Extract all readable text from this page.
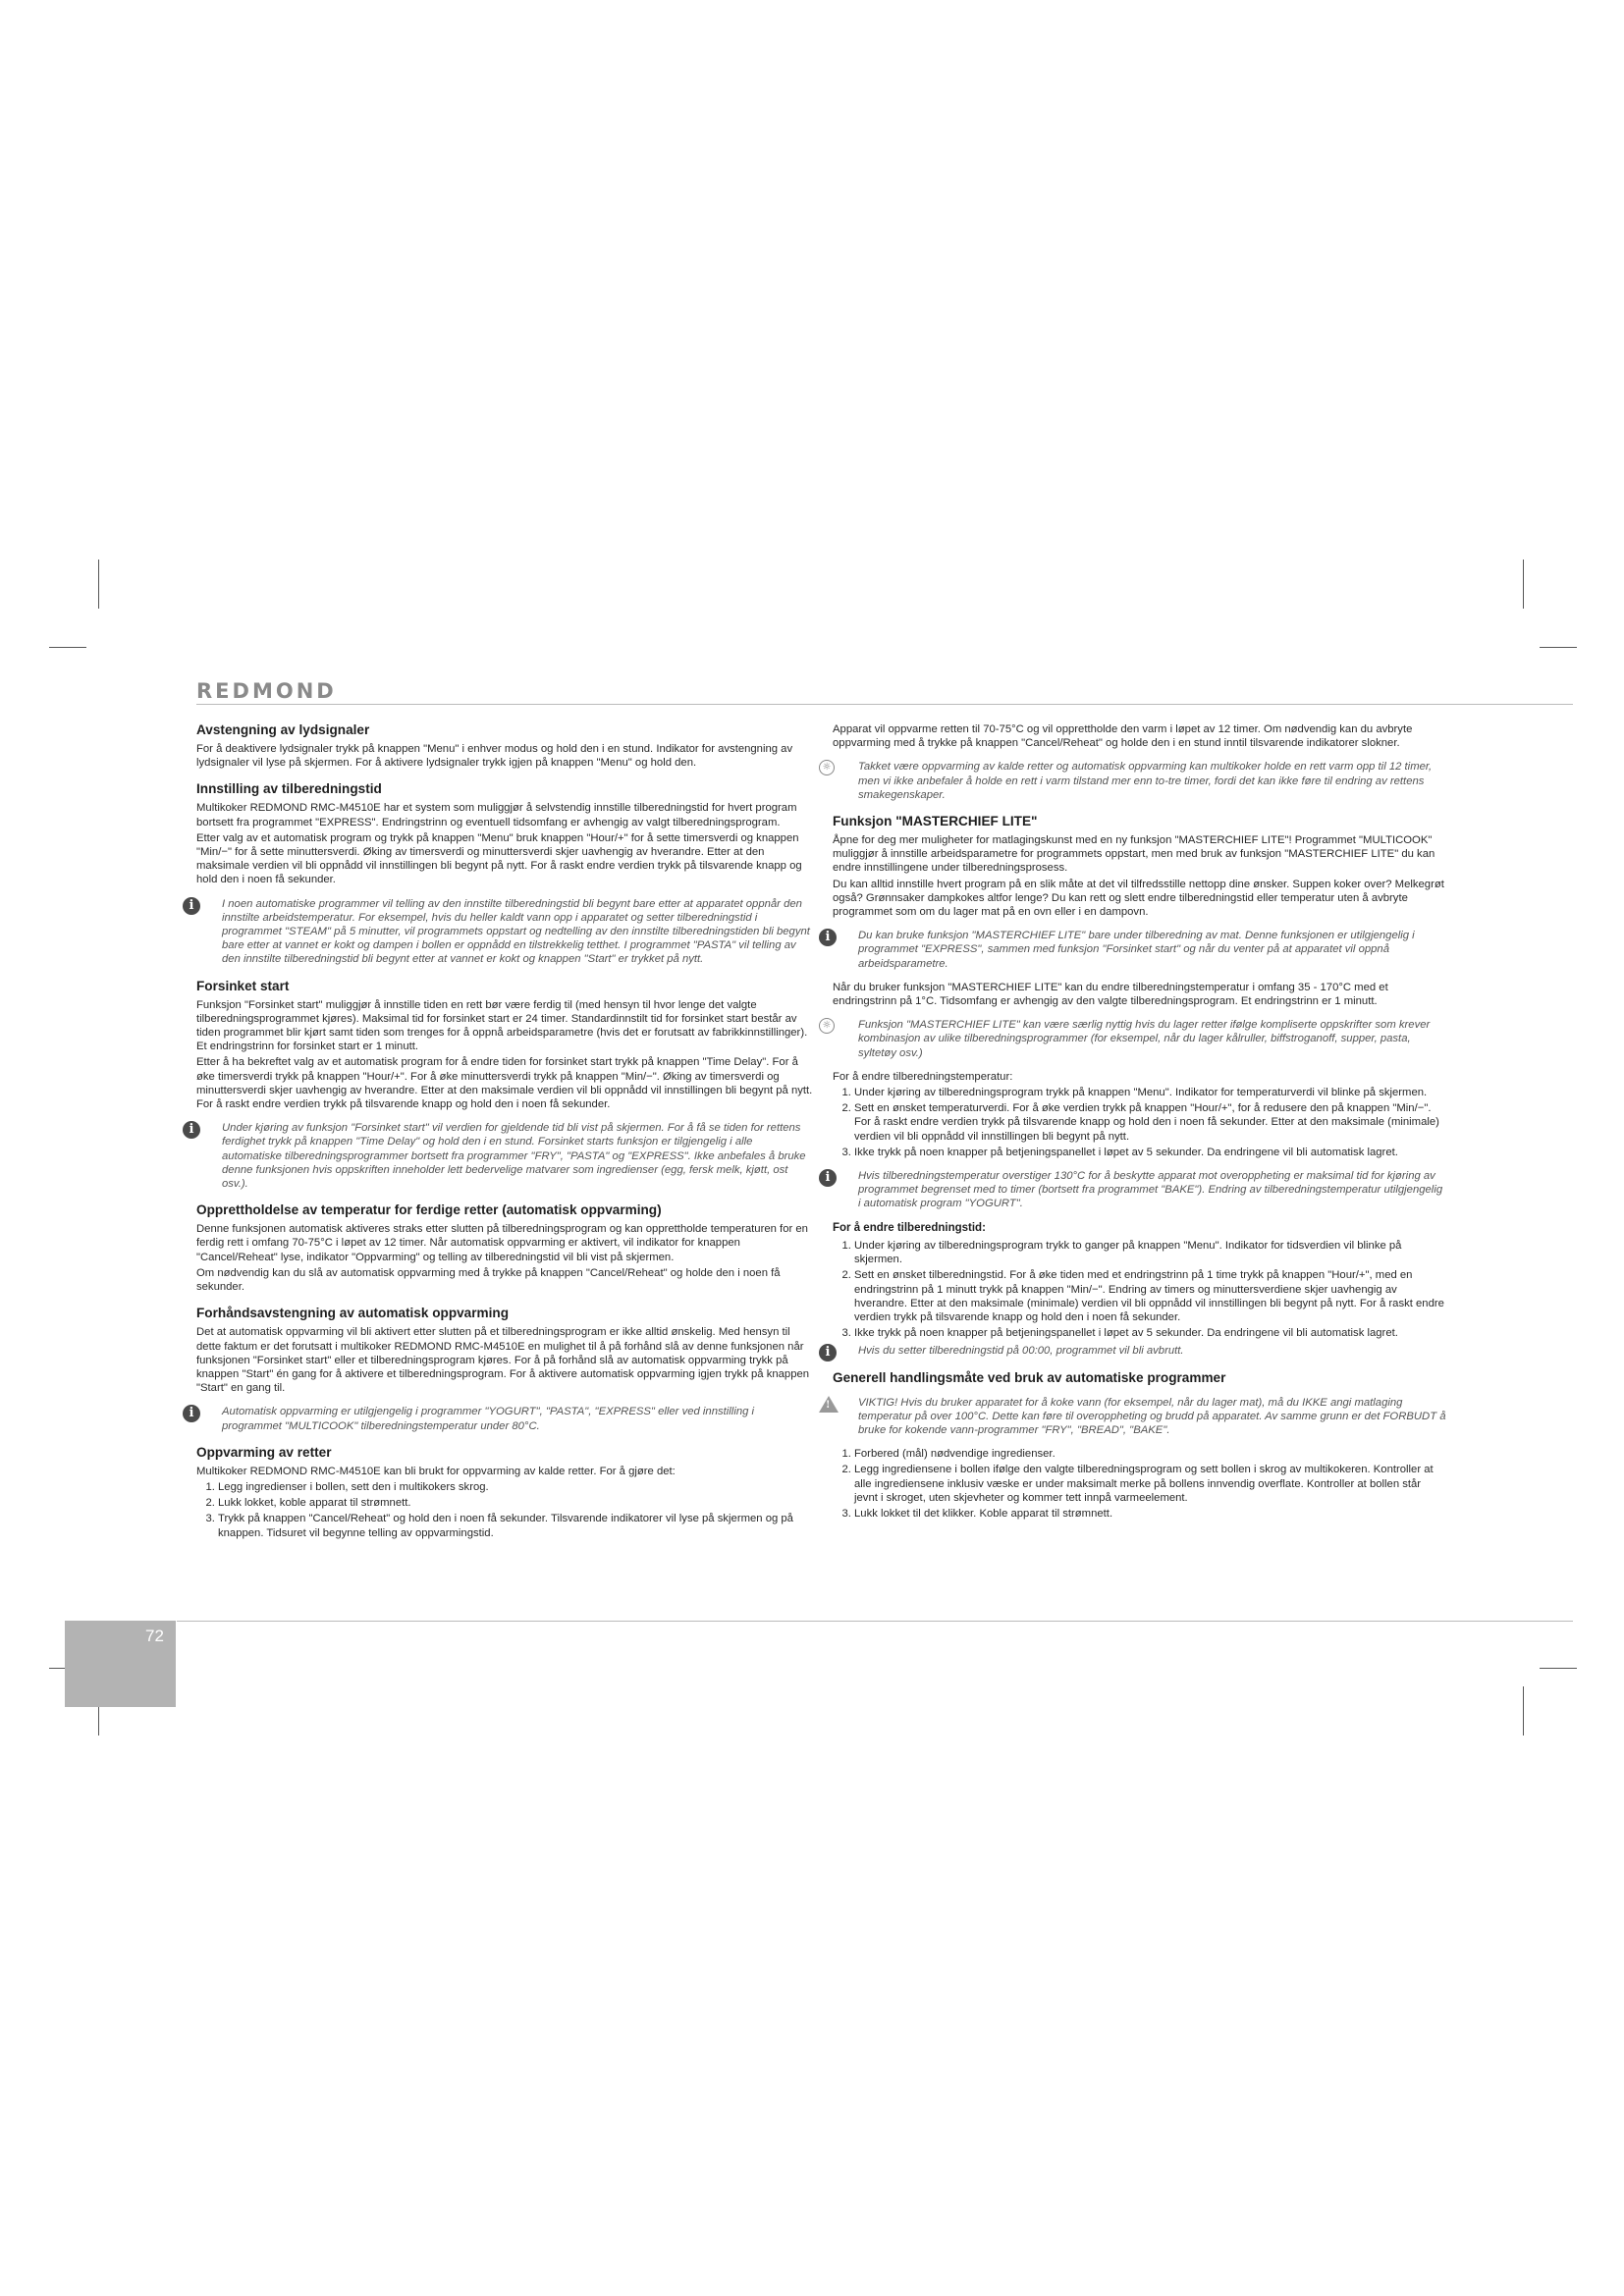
REDMOND
Avstengning av lydsignaler

For å deaktivere lydsignaler trykk på knappen "Menu" i enhver modus og hold den i en stund. Indikator for avstengning av lydsignaler vil lyse på skjermen. For å aktivere lydsignaler trykk igjen på knappen "Menu" og hold den.

Innstilling av tilberedningstid

Multikoker REDMOND RMC-M4510E har et system som muliggjør å selvstendig innstille tilberedningstid for hvert program bortsett fra programmet "EXPRESS". Endringstrinn og eventuell tidsomfang er avhengig av valgt tilberedningsprogram.

Etter valg av et automatisk program og trykk på knappen "Menu" bruk knappen "Hour/+" for å sette timersverdi og knappen "Min/−" for å sette minuttersverdi. Øking av timersverdi og minuttersverdi skjer uavhengig av hverandre. Etter at den maksimale verdien vil bli oppnådd vil innstillingen bli begynt på nytt. For å raskt endre verdien trykk på tilsvarende knapp og hold den i noen få sekunder.

i	I noen automatiske programmer vil telling av den innstilte tilberedningstid bli begynt bare etter at apparatet oppnår den innstilte arbeidstemperatur. For eksempel, hvis du heller kaldt vann opp i apparatet og setter tilberedningstid i programmet "STEAM" på 5 minutter, vil programmets oppstart og nedtelling av den innstilte tilberedningstiden bli begynt bare etter at vannet er kokt og dampen i bollen er oppnådd en tilstrekkelig tetthet. I programmet "PASTA" vil telling av den innstilte tilberedningstid bli begynt etter at vannet er kokt og knappen "Start" er trykket på nytt.
Forsinket start

Funksjon "Forsinket start" muliggjør å innstille tiden en rett bør være ferdig til (med hensyn til hvor lenge det valgte tilberedningsprogrammet kjøres). Maksimal tid for forsinket start er 24 timer. Standardinnstilt tid for forsinket start består av tiden programmet blir kjørt samt tiden som trenges for å oppnå arbeidsparametre (hvis det er forutsatt av fabrikkinnstillinger). Et endringstrinn for forsinket start er 1 minutt.

Etter å ha bekreftet valg av et automatisk program for å endre tiden for forsinket start trykk på knappen "Time Delay". For å øke timersverdi trykk på knappen "Hour/+". For å øke minuttersverdi trykk på knappen "Min/−". Øking av timersverdi og minuttersverdi skjer uavhengig av hverandre. Etter at den maksimale verdien vil bli oppnådd vil innstillingen bli begynt på nytt. For å raskt endre verdien trykk på tilsvarende knapp og hold den i noen få sekunder.

i	Under kjøring av funksjon "Forsinket start" vil verdien for gjeldende tid bli vist på skjermen. For å få se tiden for rettens ferdighet trykk på knappen "Time Delay" og hold den i en stund. Forsinket starts funksjon er tilgjengelig i alle automatiske tilberedningsprogrammer bortsett fra programmer "FRY", "PASTA" og "EXPRESS". Ikke anbefales å bruke denne funksjonen hvis oppskriften inneholder lett bedervelige matvarer som ingredienser (egg, fersk melk, kjøtt, ost osv.).
Opprettholdelse av temperatur for ferdige retter (automatisk oppvarming)

Denne funksjonen automatisk aktiveres straks etter slutten på tilberedningsprogram og kan opprettholde temperaturen for en ferdig rett i omfang 70-75°C i løpet av 12 timer. Når automatisk oppvarming er aktivert, vil indikator for knappen "Cancel/Reheat" lyse, indikator "Oppvarming" og telling av tilberedningstid vil bli vist på skjermen.

Om nødvendig kan du slå av automatisk oppvarming med å trykke på knappen "Cancel/Reheat" og holde den i noen få sekunder.

Forhåndsavstengning av automatisk oppvarming

Det at automatisk oppvarming vil bli aktivert etter slutten på et tilberedningsprogram er ikke alltid ønskelig. Med hensyn til dette faktum er det forutsatt i multikoker REDMOND RMC-M4510E en mulighet til å på forhånd slå av denne funksjonen når funksjonen "Forsinket start" eller et tilberedningsprogram kjøres. For å på forhånd slå av automatisk oppvarming trykk på knappen "Start" én gang for å aktivere et tilberedningsprogram. For å aktivere automatisk oppvarming igjen trykk på knappen "Start" en gang til.

i	Automatisk oppvarming er utilgjengelig i programmer "YOGURT", "PASTA", "EXPRESS" eller ved innstilling i programmet "MULTICOOK" tilberedningstemperatur under 80°C.
Oppvarming av retter

Multikoker REDMOND RMC-M4510E kan bli brukt for oppvarming av kalde retter. For å gjøre det:

1. Legg ingredienser i bollen, sett den i multikokers skrog.
2. Lukk lokket, koble apparat til strømnett.
3. Trykk på knappen "Cancel/Reheat" og hold den i noen få sekunder. Tilsvarende indikatorer vil lyse på skjermen og på knappen. Tidsuret vil begynne telling av oppvarmingstid.

Apparat vil oppvarme retten til 70-75°C og vil opprettholde den varm i løpet av 12 timer. Om nødvendig kan du avbryte oppvarming med å trykke på knappen "Cancel/Reheat" og holde den i en stund inntil tilsvarende indikatorer slokner.

☼	Takket være oppvarming av kalde retter og automatisk oppvarming kan multikoker holde en rett varm opp til 12 timer, men vi ikke anbefaler å holde en rett i varm tilstand mer enn to-tre timer, fordi det kan ikke føre til endring av rettens smakegenskaper.
Funksjon "MASTERCHIEF LITE"

Åpne for deg mer muligheter for matlagingskunst med en ny funksjon "MASTERCHIEF LITE"! Programmet "MULTICOOK" muliggjør å innstille arbeidsparametre for programmets oppstart, men med bruk av funksjon "MASTERCHIEF LITE" du kan endre innstillingene under tilberedningsprosess.

Du kan alltid innstille hvert program på en slik måte at det vil tilfredsstille nettopp dine ønsker. Suppen koker over? Melkegrøt også? Grønnsaker dampkokes altfor lenge? Du kan rett og slett endre tilberedningstid eller temperatur uten å avbryte programmet som om du lager mat på en ovn eller i en dampovn.

i	Du kan bruke funksjon "MASTERCHIEF LITE" bare under tilberedning av mat. Denne funksjonen er utilgjengelig i programmet "EXPRESS", sammen med funksjon "Forsinket start" og når du venter på at apparatet vil oppnå arbeidsparametre.

Når du bruker funksjon "MASTERCHIEF LITE" kan du endre tilberedningstemperatur i omfang 35 - 170°C med et endringstrinn på 1°C. Tidsomfang er avhengig av den valgte tilberedningsprogram. Et endringstrinn er 1 minutt.

☼	Funksjon "MASTERCHIEF LITE" kan være særlig nyttig hvis du lager retter ifølge kompliserte oppskrifter som krever kombinasjon av ulike tilberedningsprogrammer (for eksempel, når du lager kålruller, biffstroganoff, supper, pasta, syltetøy osv.)

For å endre tilberedningstemperatur:

1. Under kjøring av tilberedningsprogram trykk på knappen "Menu". Indikator for temperaturverdi vil blinke på skjermen.
2. Sett en ønsket temperaturverdi. For å øke verdien trykk på knappen "Hour/+", for å redusere den på knappen "Min/−". For å raskt endre verdien trykk på tilsvarende knapp og hold den i noen få sekunder. Etter at den maksimale (minimale) verdien vil bli oppnådd vil innstillingen bli begynt på nytt.
3. Ikke trykk på noen knapper på betjeningspanellet i løpet av 5 sekunder. Da endringene vil bli automatisk lagret.
i	Hvis tilberedningstemperatur overstiger 130°C for å beskytte apparat mot overoppheting er maksimal tid for kjøring av programmet begrenset med to timer (bortsett fra programmet "BAKE"). Endring av tilberedningstemperatur utilgjengelig i automatisk program "YOGURT".
For å endre tilberedningstid:
1. Under kjøring av tilberedningsprogram trykk to ganger på knappen "Menu". Indikator for tidsverdien vil blinke på skjermen.
2. Sett en ønsket tilberedningstid. For å øke tiden med et endringstrinn på 1 time trykk på knappen "Hour/+", med en endringstrinn på 1 minutt trykk på knappen "Min/−". Endring av timers og minuttersverdiene skjer uavhengig av hverandre. Etter at den maksimale (minimale) verdien vil bli oppnådd vil innstillingen bli begynt på nytt. For å raskt endre verdien trykk på tilsvarende knapp og hold den i noen få sekunder.
3. Ikke trykk på noen knapper på betjeningspanellet i løpet av 5 sekunder. Da endringene vil bli automatisk lagret.
i	Hvis du setter tilberedningstid på 00:00, programmet vil bli avbrutt.
Generell handlingsmåte ved bruk av automatiske programmer
!	VIKTIG! Hvis du bruker apparatet for å koke vann (for eksempel, når du lager mat), må du IKKE angi matlaging temperatur på over 100°C. Dette kan føre til overoppheting og brudd på apparatet. Av samme grunn er det FORBUDT å bruke for kokende vann-programmer "FRY", "BREAD", "BAKE".
1. Forbered (mål) nødvendige ingredienser.
2. Legg ingrediensene i bollen ifølge den valgte tilberedningsprogram og sett bollen i skrog av multikokeren. Kontroller at alle ingrediensene inklusiv væske er under maksimalt merke på bollens innvendig overflate. Kontroller at bollen står jevnt i skroget, uten skjevheter og kommer tett innpå varmeelement.
3. Lukk lokket til det klikker. Koble apparat til strømnett.
72
